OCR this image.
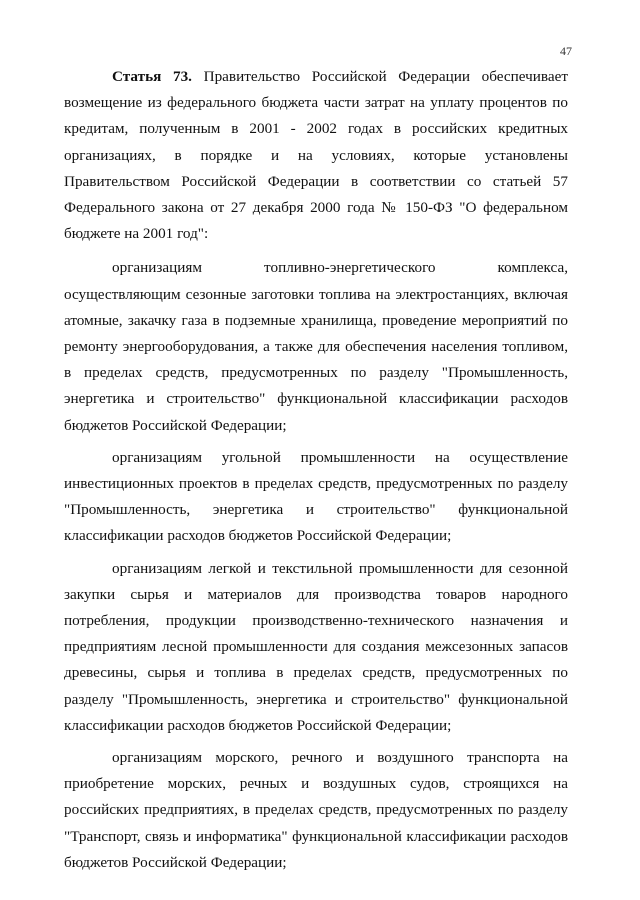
47

Статья 73. Правительство Российской Федерации обеспечивает возмещение из федерального бюджета части затрат на уплату процентов по кредитам, полученным в 2001 - 2002 годах в российских кредитных организациях, в порядке и на условиях, которые установлены Правительством Российской Федерации в соответствии со статьей 57 Федерального закона от 27 декабря 2000 года № 150-ФЗ "О федеральном бюджете на 2001 год":

организациям топливно-энергетического комплекса, осуществляющим сезонные заготовки топлива на электростанциях, включая атомные, закачку газа в подземные хранилища, проведение мероприятий по ремонту энергооборудования, а также для обеспечения населения топливом, в пределах средств, предусмотренных по разделу "Промышленность, энергетика и строительство" функциональной классификации расходов бюджетов Российской Федерации;

организациям угольной промышленности на осуществление инвестиционных проектов в пределах средств, предусмотренных по разделу "Промышленность, энергетика и строительство" функциональной классификации расходов бюджетов Российской Федерации;

организациям легкой и текстильной промышленности для сезонной закупки сырья и материалов для производства товаров народного потребления, продукции производственно-технического назначения и предприятиям лесной промышленности для создания межсезонных запасов древесины, сырья и топлива в пределах средств, предусмотренных по разделу "Промышленность, энергетика и строительство" функциональной классификации расходов бюджетов Российской Федерации;

организациям морского, речного и воздушного транспорта на приобретение морских, речных и воздушных судов, строящихся на российских предприятиях, в пределах средств, предусмотренных по разделу "Транспорт, связь и информатика" функциональной классификации расходов бюджетов Российской Федерации;
